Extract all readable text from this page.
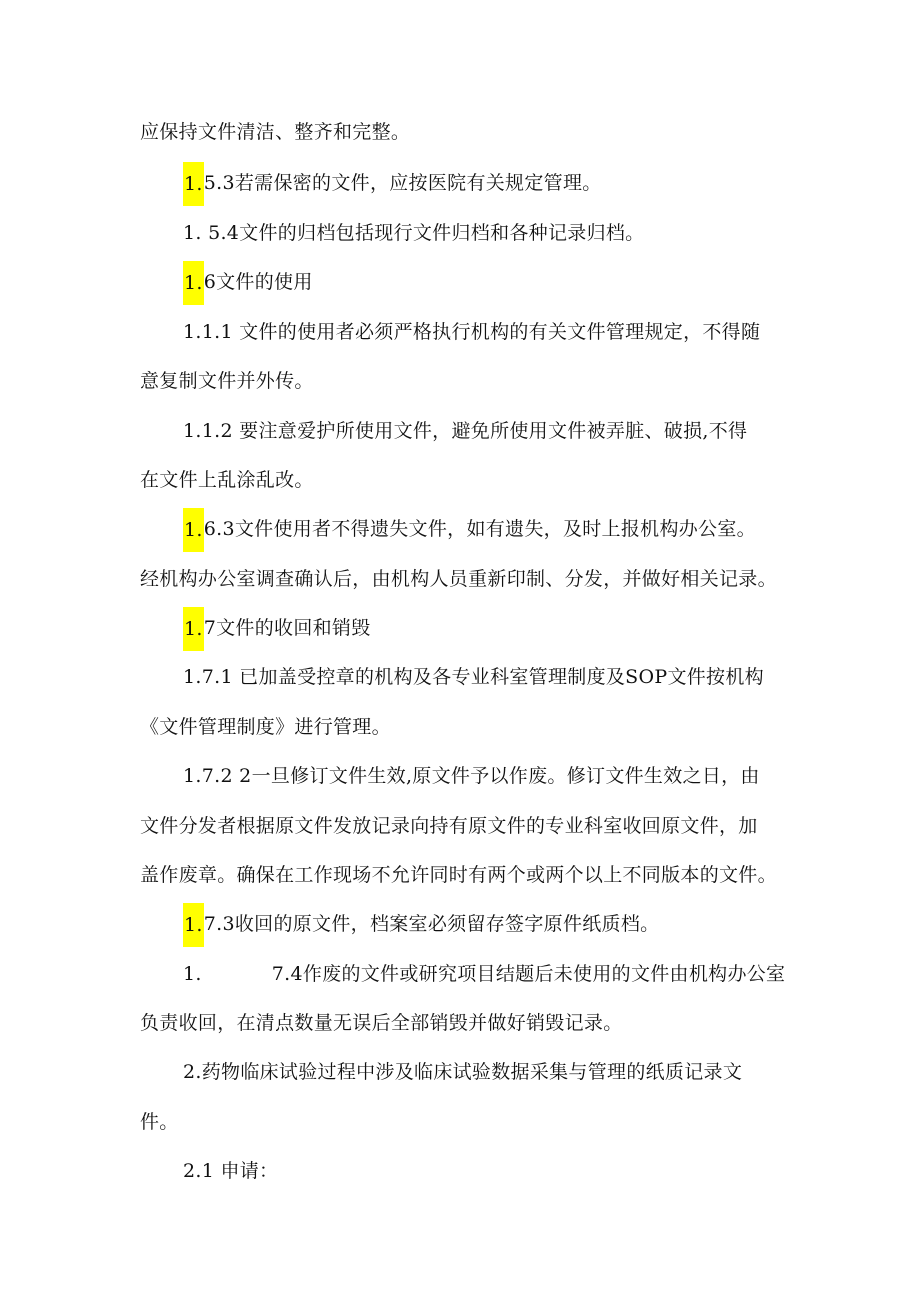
应保持文件清洁、整齐和完整。
1.5.3若需保密的文件，应按医院有关规定管理。
1. 5.4文件的归档包括现行文件归档和各种记录归档。
1.6文件的使用
1.1.1 文件的使用者必须严格执行机构的有关文件管理规定，不得随
意复制文件并外传。
1.1.2 要注意爱护所使用文件，避免所使用文件被弄脏、破损,不得
在文件上乱涂乱改。
1.6.3文件使用者不得遗失文件，如有遗失，及时上报机构办公室。
经机构办公室调查确认后，由机构人员重新印制、分发，并做好相关记录。
1.7文件的收回和销毁
1.7.1 已加盖受控章的机构及各专业科室管理制度及SOP文件按机构
《文件管理制度》进行管理。
1.7.2 2一旦修订文件生效,原文件予以作废。修订文件生效之日，由
文件分发者根据原文件发放记录向持有原文件的专业科室收回原文件，加
盖作废章。确保在工作现场不允许同时有两个或两个以上不同版本的文件。
1.7.3收回的原文件，档案室必须留存签字原件纸质档。
1.	7.4作废的文件或研究项目结题后未使用的文件由机构办公室
负责收回，在清点数量无误后全部销毁并做好销毁记录。
2.药物临床试验过程中涉及临床试验数据采集与管理的纸质记录文
件。
2.1 申请：
